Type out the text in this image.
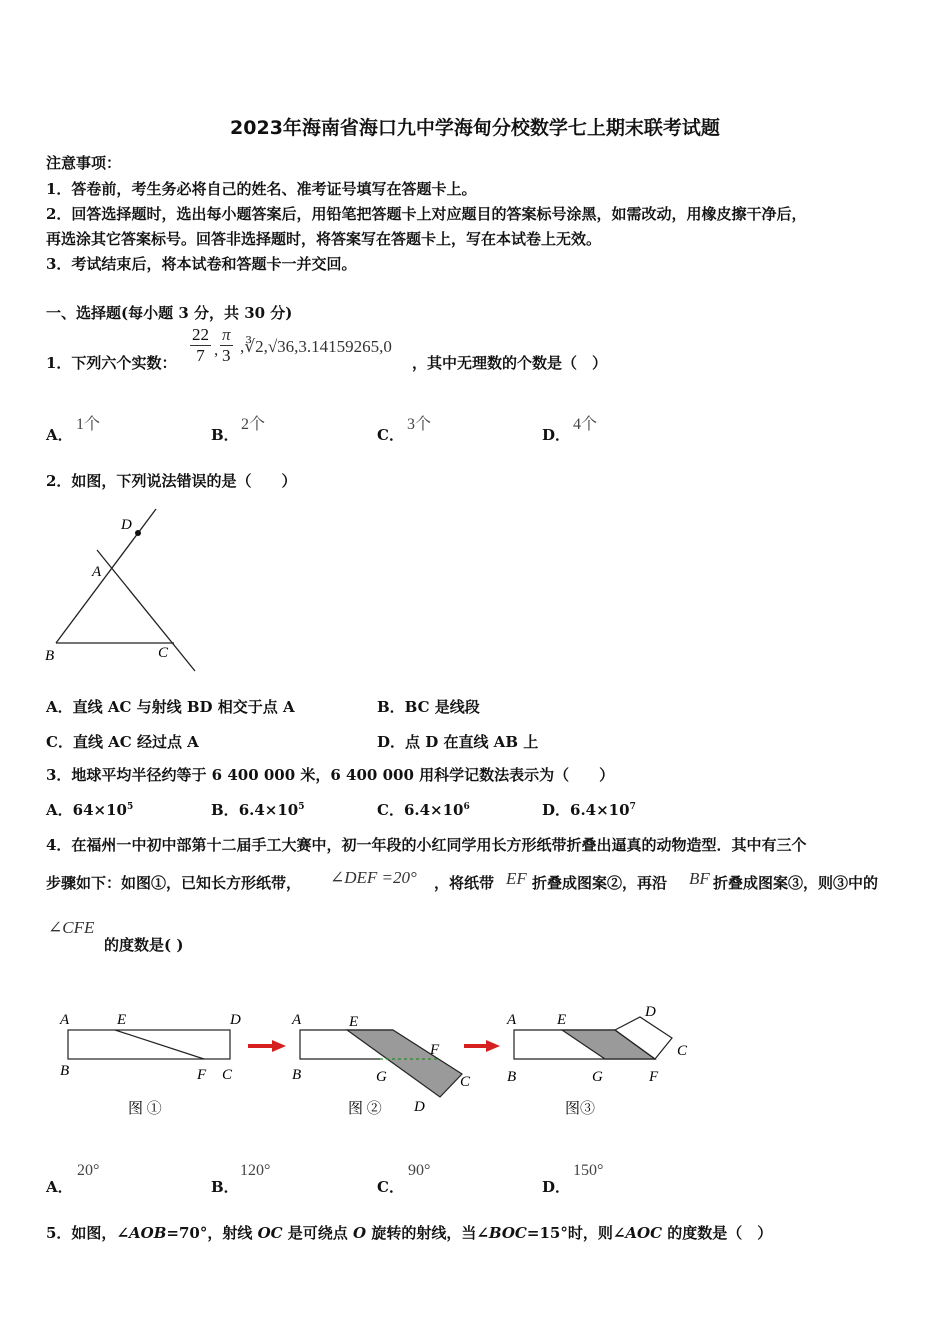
2023年海南省海口九中学海甸分校数学七上期末联考试题
注意事项：
1．答卷前，考生务必将自己的姓名、准考证号填写在答题卡上。
2．回答选择题时，选出每小题答案后，用铅笔把答题卡上对应题目的答案标号涂黑，如需改动，用橡皮擦干净后，
再选涂其它答案标号。回答非选择题时，将答案写在答题卡上，写在本试卷上无效。
3．考试结束后，将本试卷和答题卡一并交回。
一、选择题(每小题 3 分，共 30 分)
1．下列六个实数： $\frac{22}{7}$ , $\frac{\pi}{3}$ ,∛2,√36,3.14159265,0
，其中无理数的个数是（　）
A．
1个
B．
2个
C．
3个
D．
4个
2．如图，下列说法错误的是（　　）
D
A
B	C
A．直线 AC 与射线 BD 相交于点 A	B．BC 是线段
C．直线 AC 经过点 A	D．点 D 在直线 AB 上
3．地球平均半径约等于 6 400 000 米，6 400 000 用科学记数法表示为（　　）
A．$64\times 10^5$	B．$6.4\times 10^5$	C．$6.4\times 10^6$	D．$6.4\times 10^7$
4．在福州一中初中部第十二届手工大赛中，初一年段的小红同学用长方形纸带折叠出逼真的动物造型．其中有三个
步骤如下：如图①，已知长方形纸带， ∠DEF =20° ，将纸带 EF 折叠成图案②，再沿 BF 折叠成图案③，则③中的
∠CFE
的度数是( )
A	E	D
B	F C
图 ①
A	E
B	G
F
C
D
图 ②
A	E	D
C
B	G	F
图③
A．
20°
B．
120°
C．
90°
D．
150°
5．如图，∠AOB=70°，射线 OC 是可绕点 O 旋转的射线，当∠BOC=15°时，则∠AOC 的度数是（　）
